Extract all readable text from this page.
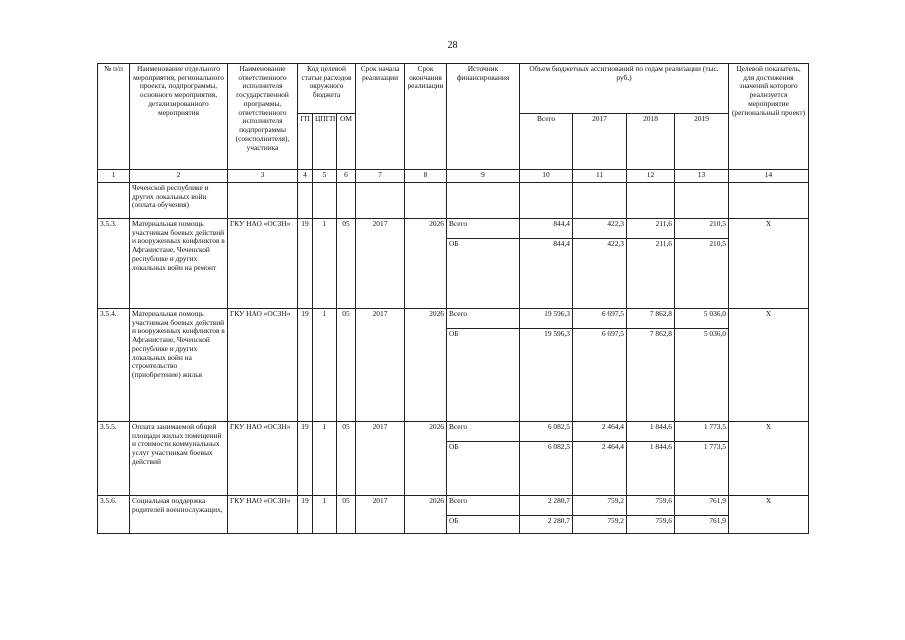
28
№ п/п	Наименование отдельного мероприятия, регионального проекта, подпрограммы, основного мероприятия, детализированного мероприятия	Наименование ответственного исполнителя государственной программы, ответственного исполнителя подпрограммы (соисполнителя), участника	Код целевой статьи расходов окружного бюджета			Срок начала реализации	Срок окончания реализации	Источник финансирования	Объем бюджетных ассигнований по годам реализации (тыс. руб.)				Целевой показатель, для достижения значений которого реализуется мероприятие (региональный проект)
			ГП	ЦПГП	ОМ				Всего	2017	2018	2019	
1	2	3	4	5	6	7	8	9	10	11	12	13	14
	Чеченской республике и других локальных войн (оплата обучения)												
3.5.3.	Материальная помощь участникам боевых действий и вооруженных конфликтов в Афганистане, Чеченской республике и других локальных войн на ремонт	ГКУ НАО «ОСЗН»	19	1	05	2017	2026	Всего	844,4	422,3	211,6	210,5	Х
								ОБ	844,4	422,3	211,6	210,5	
3.5.4.	Материальная помощь участникам боевых действий и вооруженных конфликтов в Афганистане, Чеченской республике и других локальных войн на строительство (приобретение) жилья	ГКУ НАО «ОСЗН»	19	1	05	2017	2026	Всего	19 596,3	6 697,5	7 862,8	5 036,0	Х
								ОБ	19 596,3	6 697,5	7 862,8	5 036,0	
3.5.5.	Оплата занимаемой общей площади жилых помещений и стоимости коммунальных услуг участникам боевых действий	ГКУ НАО «ОСЗН»	19	1	05	2017	2026	Всего	6 082,5	2 464,4	1 844,6	1 773,5	Х
								ОБ	6 082,5	2 464,4	1 844,6	1 773,5	
3.5.6.	Социальная поддержка родителей военнослужащих,	ГКУ НАО «ОСЗН»	19	1	05	2017	2026	Всего	2 280,7	759,2	759,6	761,9	Х
								ОБ	2 280,7	759,2	759,6	761,9	
